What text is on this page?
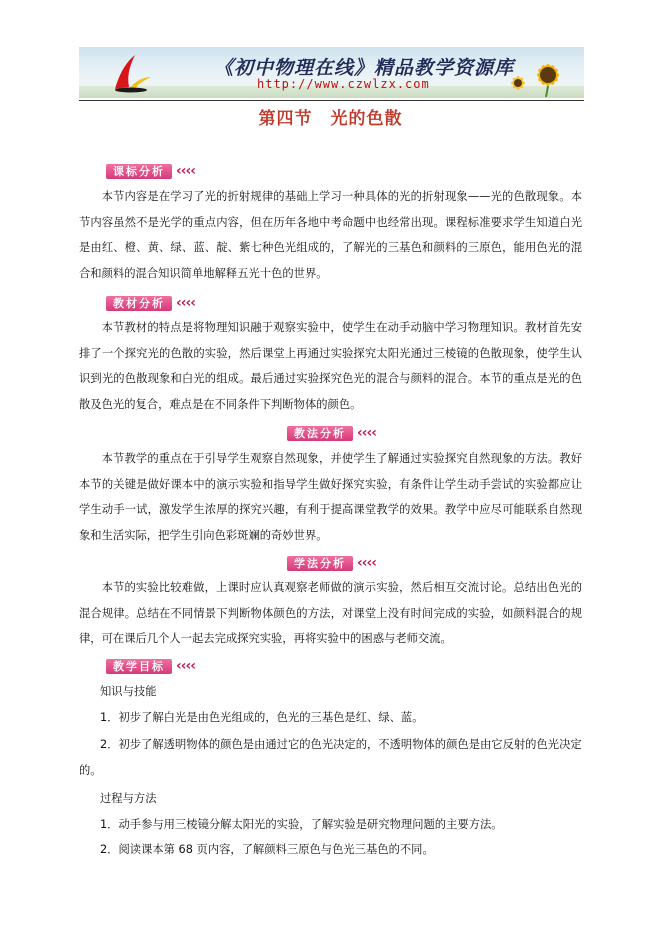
《初中物理在线》精品教学资源库
http://www.czwlzx.com
第四节　光的色散
课标分析 ‹‹‹‹

本节内容是在学习了光的折射规律的基础上学习一种具体的光的折射现象——光的色散现象。本节内容虽然不是光学的重点内容，但在历年各地中考命题中也经常出现。课程标准要求学生知道白光是由红、橙、黄、绿、蓝、靛、紫七种色光组成的，了解光的三基色和颜料的三原色，能用色光的混合和颜料的混合知识简单地解释五光十色的世界。

教材分析 ‹‹‹‹

本节教材的特点是将物理知识融于观察实验中，使学生在动手动脑中学习物理知识。教材首先安排了一个探究光的色散的实验，然后课堂上再通过实验探究太阳光通过三棱镜的色散现象，使学生认识到光的色散现象和白光的组成。最后通过实验探究色光的混合与颜料的混合。本节的重点是光的色散及色光的复合，难点是在不同条件下判断物体的颜色。

教法分析 ‹‹‹‹

本节教学的重点在于引导学生观察自然现象，并使学生了解通过实验探究自然现象的方法。教好本节的关键是做好课本中的演示实验和指导学生做好探究实验，有条件让学生动手尝试的实验都应让学生动手一试，激发学生浓厚的探究兴趣，有利于提高课堂教学的效果。教学中应尽可能联系自然现象和生活实际，把学生引向色彩斑斓的奇妙世界。

学法分析 ‹‹‹‹

本节的实验比较难做，上课时应认真观察老师做的演示实验，然后相互交流讨论。总结出色光的混合规律。总结在不同情景下判断物体颜色的方法，对课堂上没有时间完成的实验，如颜料混合的规律，可在课后几个人一起去完成探究实验，再将实验中的困惑与老师交流。

教学目标 ‹‹‹‹

知识与技能

1．初步了解白光是由色光组成的，色光的三基色是红、绿、蓝。

2．初步了解透明物体的颜色是由通过它的色光决定的，不透明物体的颜色是由它反射的色光决定的。

过程与方法

1．动手参与用三棱镜分解太阳光的实验，了解实验是研究物理问题的主要方法。

2．阅读课本第 68 页内容，了解颜料三原色与色光三基色的不同。
